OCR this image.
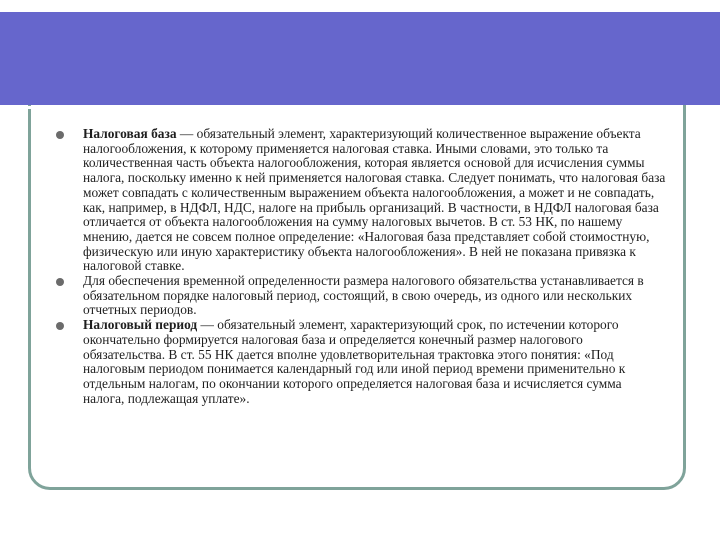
Налоговая база — обязательный элемент, характеризующий количественное выражение объекта налогообложения, к которому применяется налоговая ставка. Иными словами, это только та количественная часть объекта налогообложения, которая является основой для исчисления суммы налога, поскольку именно к ней применяется налоговая ставка. Следует понимать, что налоговая база может совпадать с количественным выражением объекта налогообложения, а может и не совпадать, как, например, в НДФЛ, НДС, налоге на прибыль организаций. В частности, в НДФЛ налоговая база отличается от объекта налогообложения на сумму налоговых вычетов. В ст. 53 НК, по нашему мнению, дается не совсем полное определение: «Налоговая база представляет собой стоимостную, физическую или иную характеристику объекта налогообложения». В ней не показана привязка к налоговой ставке.
Для обеспечения временной определенности размера налогового обязательства устанавливается в обязательном порядке налоговый период, состоящий, в свою очередь, из одного или нескольких отчетных периодов.
Налоговый период — обязательный элемент, характеризующий срок, по истечении которого окончательно формируется налоговая база и определяется конечный размер налогового обязательства. В ст. 55 НК дается вполне удовлетворительная трактовка этого понятия: «Под налоговым периодом понимается календарный год или иной период времени применительно к отдельным налогам, по окончании которого определяется налоговая база и исчисляется сумма налога, подлежащая уплате».
